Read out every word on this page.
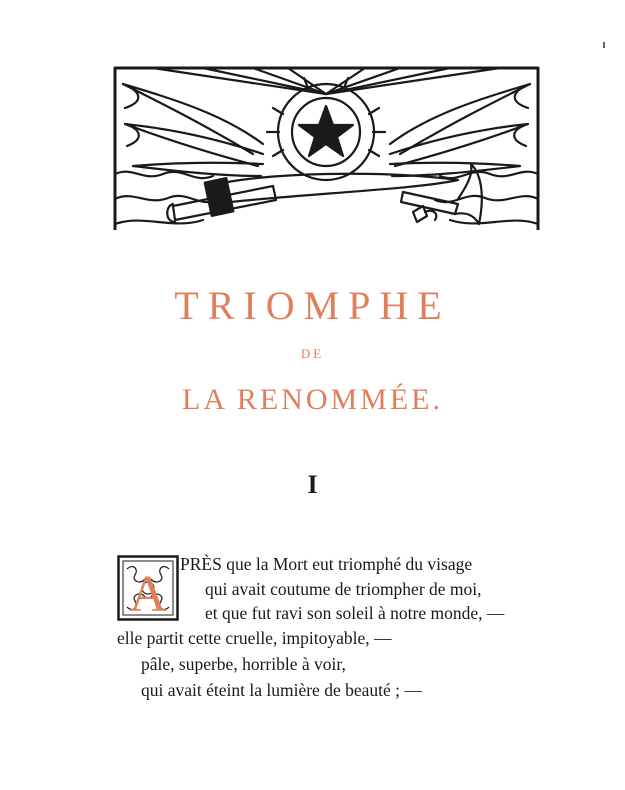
TRIOMPHE
DE
LA RENOMMÉE.
I
A
PRÈS que la Mort eut triomphé du visage
qui avait coutume de triompher de moi,
et que fut ravi son soleil à notre monde, —
elle partit cette cruelle, impitoyable, —
pâle, superbe, horrible à voir,
qui avait éteint la lumière de beauté ; —
